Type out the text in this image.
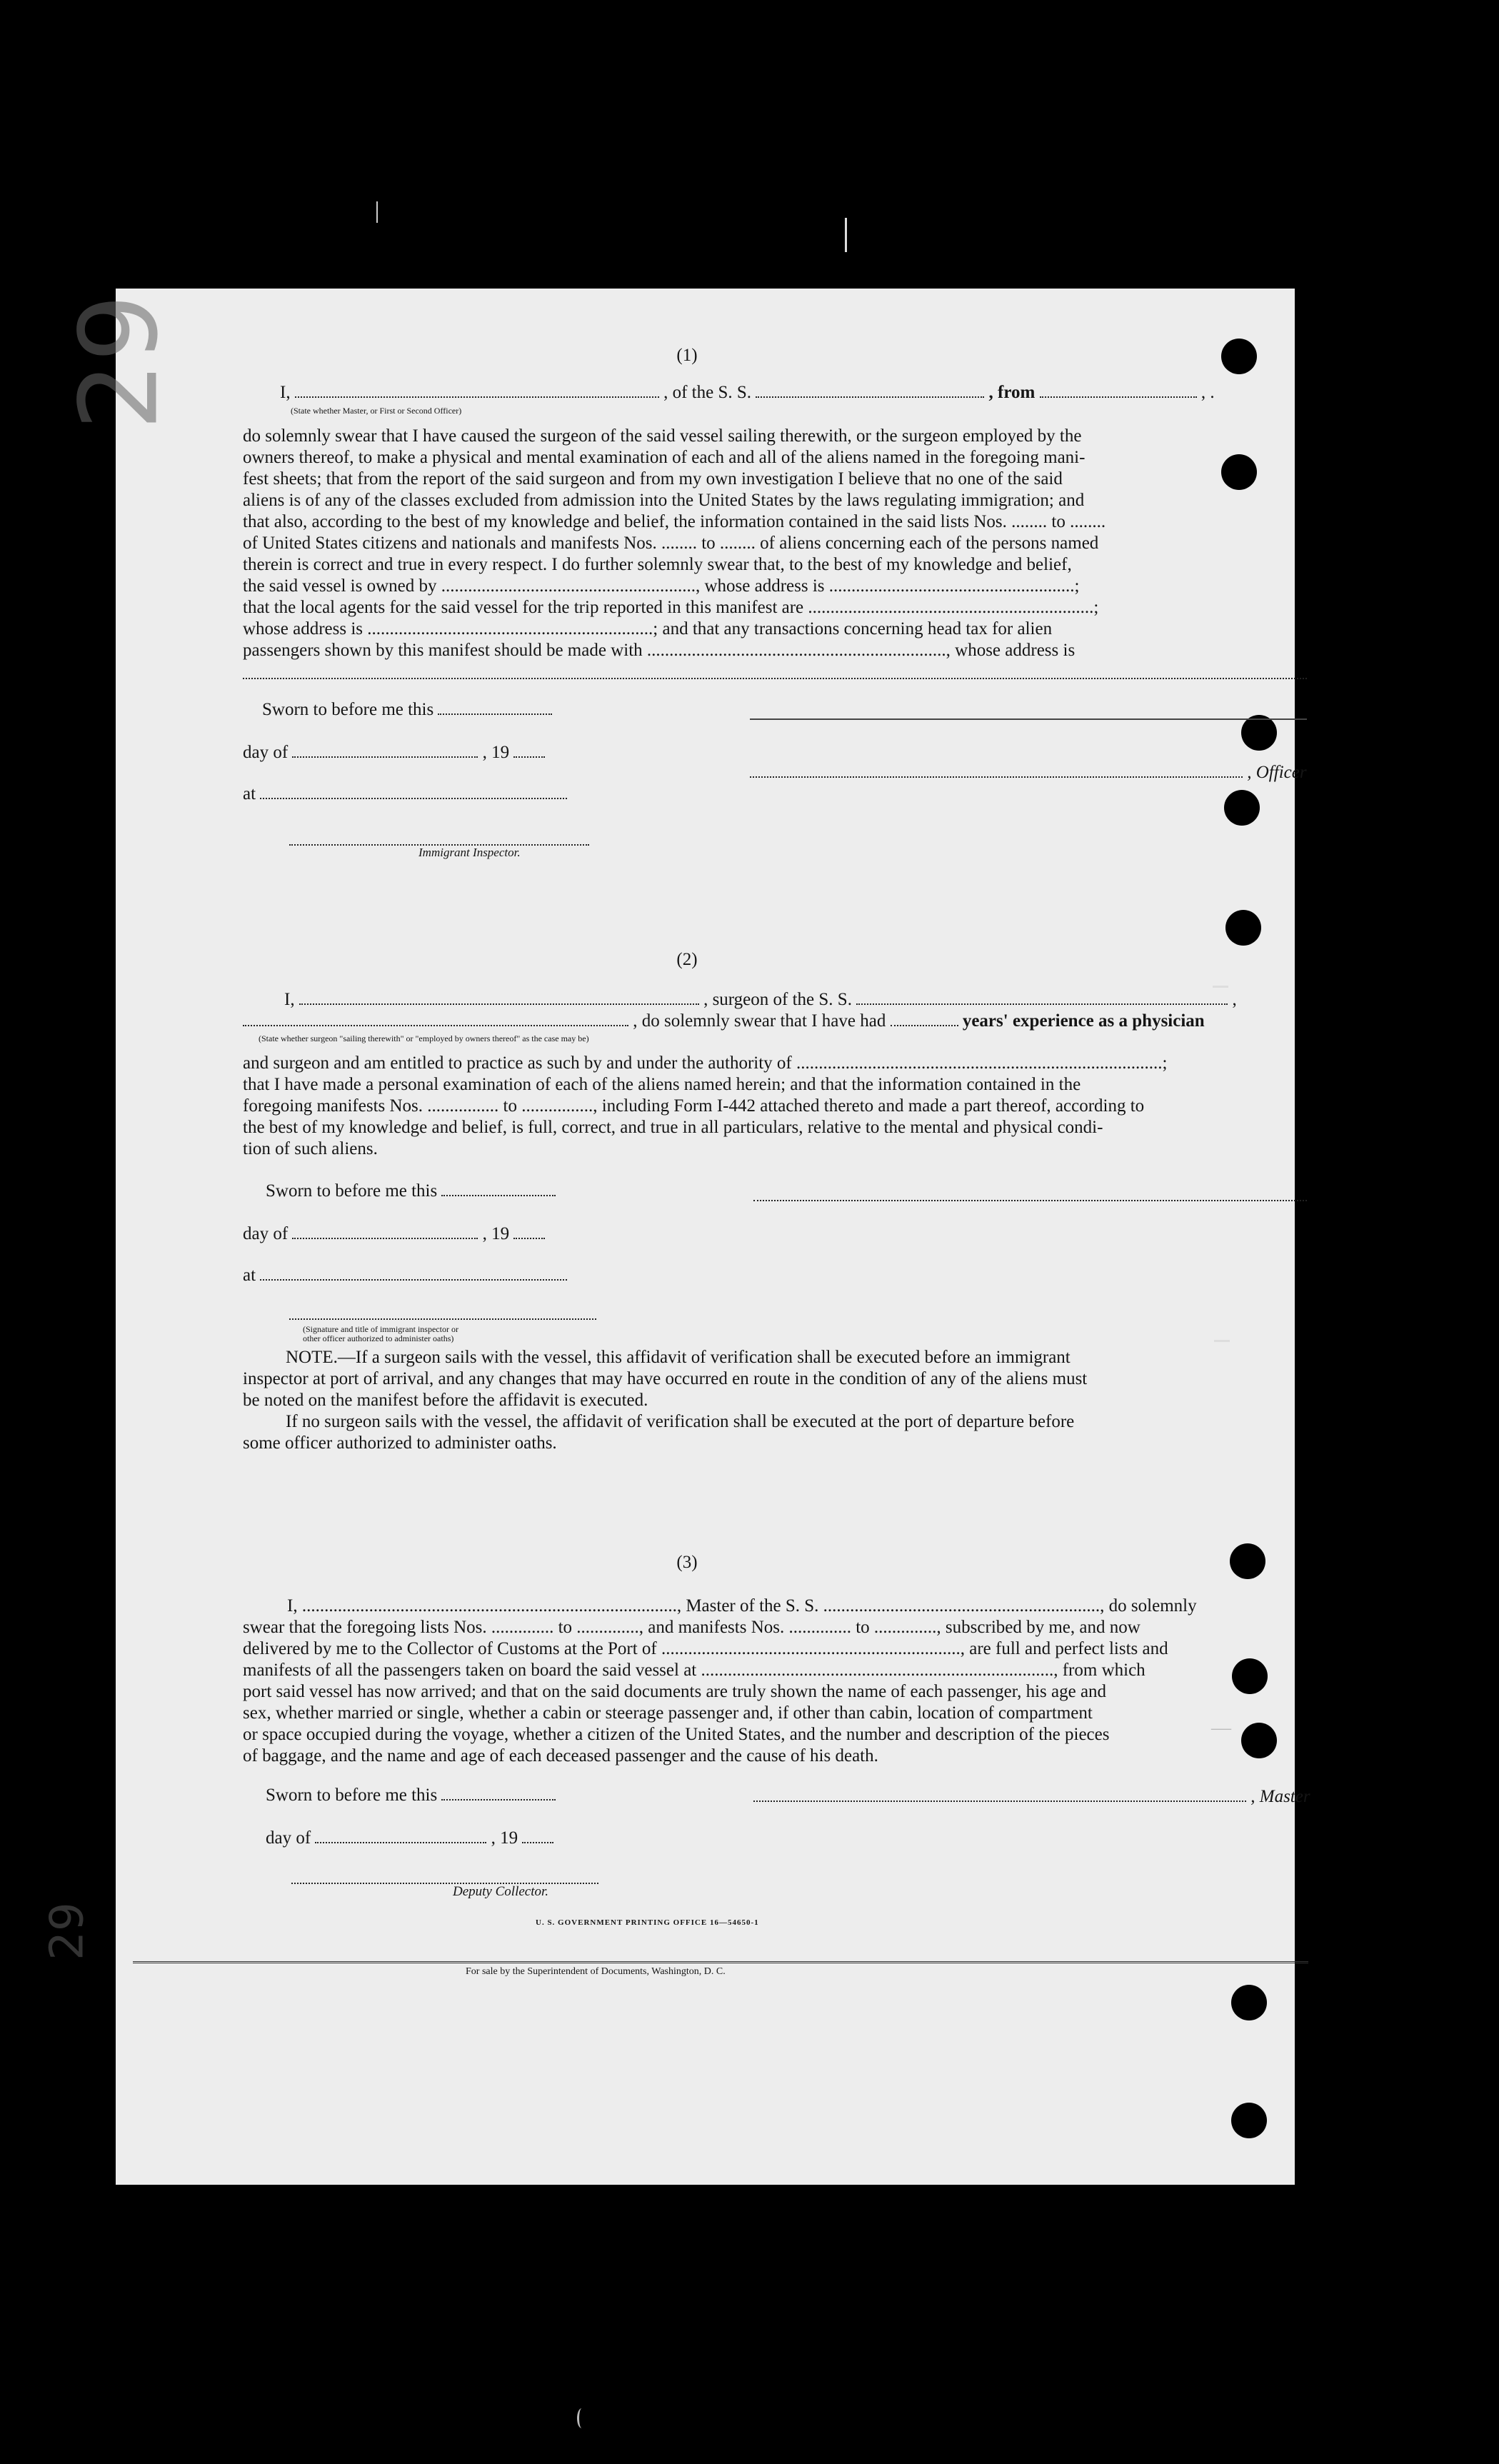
29
29
(1)
I,	, of the S. S.	, from	, .
(State whether Master, or First or Second Officer)
do solemnly swear that I have caused the surgeon of the said vessel sailing therewith, or the surgeon employed by the
owners thereof, to make a physical and mental examination of each and all of the aliens named in the foregoing mani-
fest sheets; that from the report of the said surgeon and from my own investigation I believe that no one of the said
aliens is of any of the classes excluded from admission into the United States by the laws regulating immigration; and
that also, according to the best of my knowledge and belief, the information contained in the said lists Nos. ........ to ........
of United States citizens and nationals and manifests Nos. ........ to ........ of aliens concerning each of the persons named
therein is correct and true in every respect. I do further solemnly swear that, to the best of my knowledge and belief,
the said vessel is owned by ........................................................., whose address is .......................................................;
that the local agents for the said vessel for the trip reported in this manifest are ................................................................;
whose address is ................................................................; and that any transactions concerning head tax for alien
passengers shown by this manifest should be made with ..................................................................., whose address is
Sworn to before me this
day of	, 19
, Officer
at
Immigrant Inspector.
(2)
I,	, surgeon of the S. S.	,
, do solemnly swear that I have had	years' experience as a physician
(State whether surgeon "sailing therewith" or "employed by owners thereof" as the case may be)
and surgeon and am entitled to practice as such by and under the authority of ..................................................................................;
that I have made a personal examination of each of the aliens named herein; and that the information contained in the
foregoing manifests Nos. ................ to ................, including Form I-442 attached thereto and made a part thereof, according to
the best of my knowledge and belief, is full, correct, and true in all particulars, relative to the mental and physical condi-
tion of such aliens.
Sworn to before me this
day of	, 19
at
(Signature and title of immigrant inspector or
other officer authorized to administer oaths)
NOTE.—If a surgeon sails with the vessel, this affidavit of verification shall be executed before an immigrant
inspector at port of arrival, and any changes that may have occurred en route in the condition of any of the aliens must
be noted on the manifest before the affidavit is executed.
If no surgeon sails with the vessel, the affidavit of verification shall be executed at the port of departure before
some officer authorized to administer oaths.
(3)
I, ...................................................................................., Master of the S. S. .............................................................., do solemnly
swear that the foregoing lists Nos. .............. to .............., and manifests Nos. .............. to .............., subscribed by me, and now
delivered by me to the Collector of Customs at the Port of ..................................................................., are full and perfect lists and
manifests of all the passengers taken on board the said vessel at ..............................................................................., from which
port said vessel has now arrived; and that on the said documents are truly shown the name of each passenger, his age and
sex, whether married or single, whether a cabin or steerage passenger and, if other than cabin, location of compartment
or space occupied during the voyage, whether a citizen of the United States, and the number and description of the pieces
of baggage, and the name and age of each deceased passenger and the cause of his death.
Sworn to before me this	, Master
day of	, 19
Deputy Collector.
U. S. GOVERNMENT PRINTING OFFICE 16—54650-1
For sale by the Superintendent of Documents, Washington, D. C.
—
